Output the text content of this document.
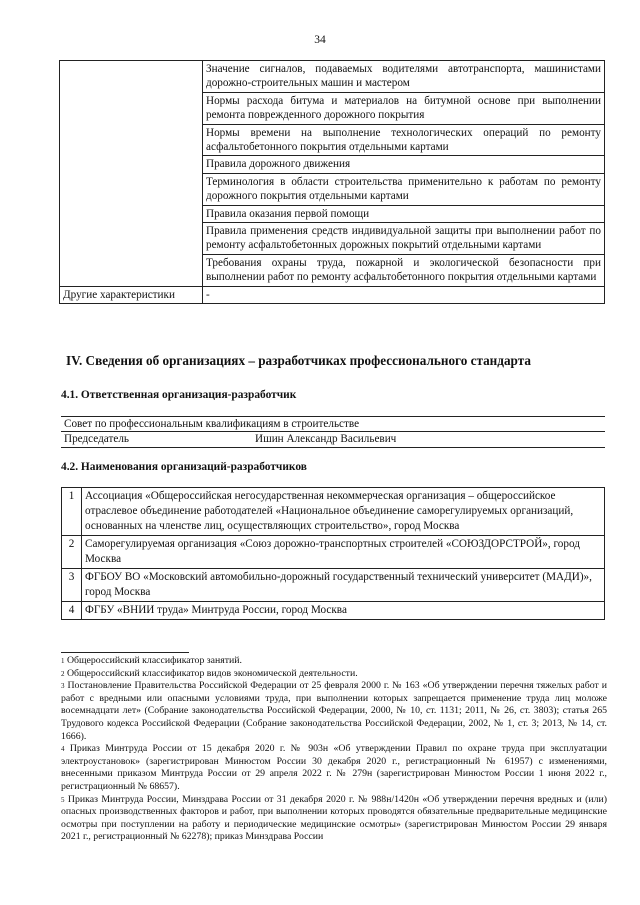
34
	Значение сигналов, подаваемых водителями автотранспорта, машинистами дорожно-строительных машин и мастером
	Нормы расхода битума и материалов на битумной основе при выполнении ремонта поврежденного дорожного покрытия
	Нормы времени на выполнение технологических операций по ремонту асфальтобетонного покрытия отдельными картами
	Правила дорожного движения
	Терминология в области строительства применительно к работам по ремонту дорожного покрытия отдельными картами
	Правила оказания первой помощи
	Правила применения средств индивидуальной защиты при выполнении работ по ремонту асфальтобетонных дорожных покрытий отдельными картами
	Требования охраны труда, пожарной и экологической безопасности при выполнении работ по ремонту асфальтобетонного покрытия отдельными картами
Другие характеристики	-
IV. Сведения об организациях – разработчиках профессионального стандарта
4.1. Ответственная организация-разработчик
Совет по профессиональным квалификациям в строительстве
Председатель	Ишин Александр Васильевич
4.2. Наименования организаций-разработчиков
1	Ассоциация «Общероссийская негосударственная некоммерческая организация – общероссийское отраслевое объединение работодателей «Национальное объединение саморегулируемых организаций, основанных на членстве лиц, осуществляющих строительство», город Москва
2	Саморегулируемая организация «Союз дорожно-транспортных строителей «СОЮЗДОРСТРОЙ», город Москва
3	ФГБОУ ВО «Московский автомобильно-дорожный государственный технический университет (МАДИ)», город Москва
4	ФГБУ «ВНИИ труда» Минтруда России, город Москва

$^1$ Общероссийский классификатор занятий.

$^2$ Общероссийский классификатор видов экономической деятельности.

$^3$ Постановление Правительства Российской Федерации от 25 февраля 2000 г. № 163 «Об утверждении перечня тяжелых работ и работ с вредными или опасными условиями труда, при выполнении которых запрещается применение труда лиц моложе восемнадцати лет» (Собрание законодательства Российской Федерации, 2000, № 10, ст. 1131; 2011, № 26, ст. 3803); статья 265 Трудового кодекса Российской Федерации (Собрание законодательства Российской Федерации, 2002, № 1, ст. 3; 2013, № 14, ст. 1666).

$^4$ Приказ Минтруда России от 15 декабря 2020 г. № 903н «Об утверждении Правил по охране труда при эксплуатации электроустановок» (зарегистрирован Минюстом России 30 декабря 2020 г., регистрационный № 61957) с изменениями, внесенными приказом Минтруда России от 29 апреля 2022 г. № 279н (зарегистрирован Минюстом России 1 июня 2022 г., регистрационный № 68657).

$^5$ Приказ Минтруда России, Минздрава России от 31 декабря 2020 г. № 988н/1420н «Об утверждении перечня вредных и (или) опасных производственных факторов и работ, при выполнении которых проводятся обязательные предварительные медицинские осмотры при поступлении на работу и периодические медицинские осмотры» (зарегистрирован Минюстом России 29 января 2021 г., регистрационный № 62278); приказ Минздрава России
